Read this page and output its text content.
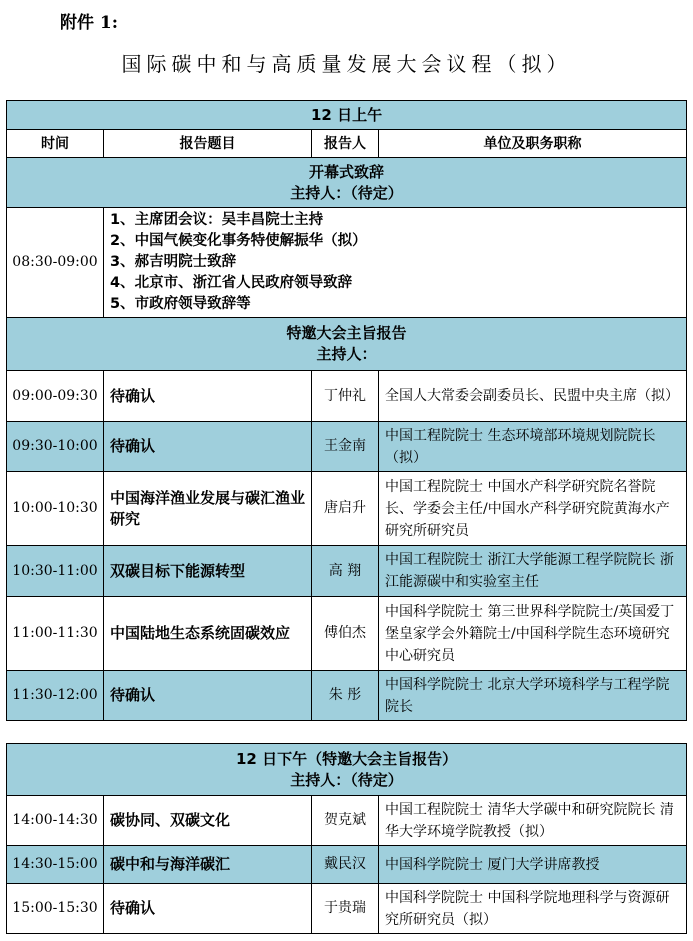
附件 1:
国际碳中和与高质量发展大会议程（拟）
12 日上午			
时间	报告题目	报告人	单位及职务职称

开幕式致辞
主持人：（待定）			

08:30-09:00	1、主席团会议：吴丰昌院士主持
2、中国气候变化事务特使解振华（拟）
3、郝吉明院士致辞
4、北京市、浙江省人民政府领导致辞
5、市政府领导致辞等		

特邀大会主旨报告
主持人：			

09:00-09:30	待确认	丁仲礼	全国人大常委会副委员长、民盟中央主席（拟）
09:30-10:00	待确认	王金南	中国工程院院士 生态环境部环境规划院院长（拟）
10:00-10:30	中国海洋渔业发展与碳汇渔业研究	唐启升	中国工程院院士 中国水产科学研究院名誉院长、学委会主任/中国水产科学研究院黄海水产研究所研究员
10:30-11:00	双碳目标下能源转型	高 翔	中国工程院院士 浙江大学能源工程学院院长 浙江能源碳中和实验室主任
11:00-11:30	中国陆地生态系统固碳效应	傅伯杰	中国科学院院士 第三世界科学院院士/英国爱丁堡皇家学会外籍院士/中国科学院生态环境研究中心研究员
11:30-12:00	待确认	朱 彤	中国科学院院士 北京大学环境科学与工程学院院长
12 日下午（特邀大会主旨报告）
主持人：（待定）			

14:00-14:30	碳协同、双碳文化	贺克斌	中国工程院院士 清华大学碳中和研究院院长 清华大学环境学院教授（拟）
14:30-15:00	碳中和与海洋碳汇	戴民汉	中国科学院院士 厦门大学讲席教授
15:00-15:30	待确认	于贵瑞	中国科学院院士 中国科学院地理科学与资源研究所研究员（拟）
